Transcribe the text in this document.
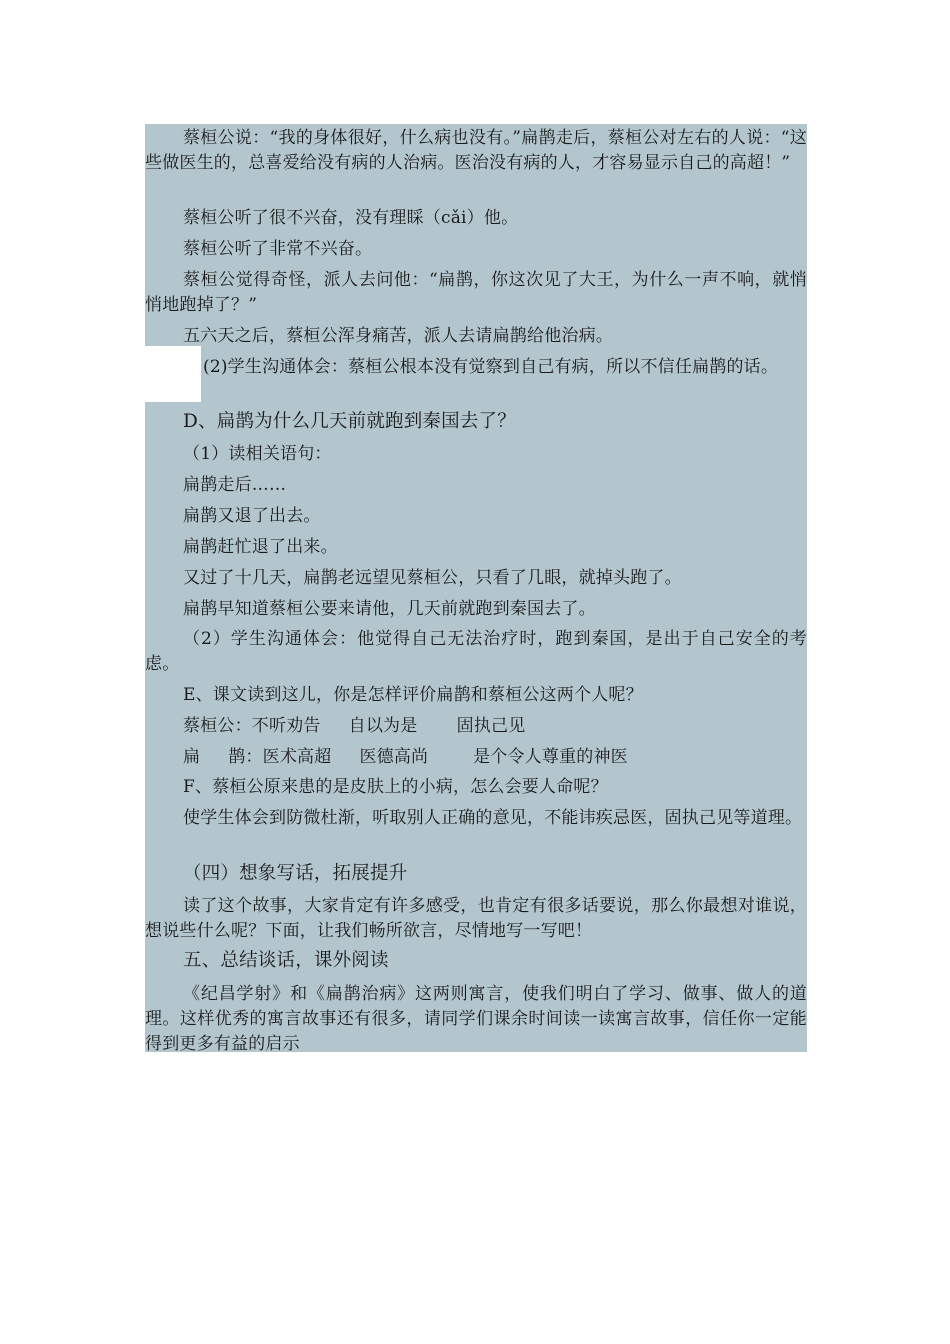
蔡桓公说：“我的身体很好，什么病也没有。”扁鹊走后，蔡桓公对左右的人说：“这些做医生的，总喜爱给没有病的人治病。医治没有病的人，才容易显示自己的高超！”

蔡桓公听了很不兴奋，没有理睬（cǎi）他。

蔡桓公听了非常不兴奋。

蔡桓公觉得奇怪，派人去问他：“扁鹊，你这次见了大王，为什么一声不响，就悄悄地跑掉了？”

五六天之后，蔡桓公浑身痛苦，派人去请扁鹊给他治病。

(2)学生沟通体会：蔡桓公根本没有觉察到自己有病，所以不信任扁鹊的话。

D、扁鹊为什么几天前就跑到秦国去了？

（1）读相关语句：

扁鹊走后……

扁鹊又退了出去。

扁鹊赶忙退了出来。

又过了十几天，扁鹊老远望见蔡桓公，只看了几眼，就掉头跑了。

扁鹊早知道蔡桓公要来请他，几天前就跑到秦国去了。

（2）学生沟通体会：他觉得自己无法治疗时，跑到秦国，是出于自己安全的考虑。

E、课文读到这儿，你是怎样评价扁鹊和蔡桓公这两个人呢？

蔡桓公：不听劝告     自以为是       固执己见

扁     鹊：医术高超     医德高尚        是个令人尊重的神医

F、蔡桓公原来患的是皮肤上的小病，怎么会要人命呢？

使学生体会到防微杜渐，听取别人正确的意见，不能讳疾忌医，固执己见等道理。

（四）想象写话，拓展提升

读了这个故事，大家肯定有许多感受，也肯定有很多话要说，那么你最想对谁说，想说些什么呢？下面，让我们畅所欲言，尽情地写一写吧！

五、总结谈话，课外阅读

《纪昌学射》和《扁鹊治病》这两则寓言，使我们明白了学习、做事、做人的道理。这样优秀的寓言故事还有很多，请同学们课余时间读一读寓言故事，信任你一定能得到更多有益的启示
